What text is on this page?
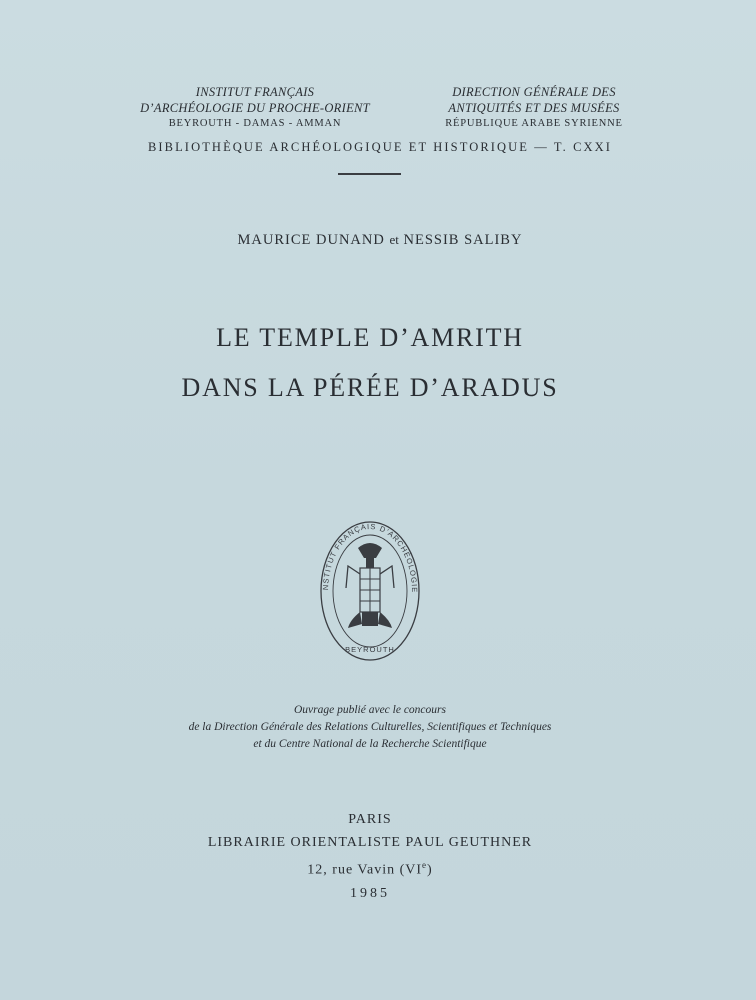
INSTITUT FRANÇAIS
D’ARCHÉOLOGIE DU PROCHE-ORIENT
BEYROUTH - DAMAS - AMMAN
DIRECTION GÉNÉRALE DES
ANTIQUITÉS ET DES MUSÉES
RÉPUBLIQUE ARABE SYRIENNE
BIBLIOTHÈQUE ARCHÉOLOGIQUE ET HISTORIQUE — T. CXXI
MAURICE DUNAND et NESSIB SALIBY
LE TEMPLE D’AMRITH
DANS LA PÉRÉE D’ARADUS
NSTITUT FRANÇAIS D’ARCHÉOLOGIE
BEYROUTH
Ouvrage publié avec le concours
de la Direction Générale des Relations Culturelles, Scientifiques et Techniques
et du Centre National de la Recherche Scientifique
PARIS
LIBRAIRIE ORIENTALISTE PAUL GEUTHNER
12, rue Vavin (VIe)
1985
